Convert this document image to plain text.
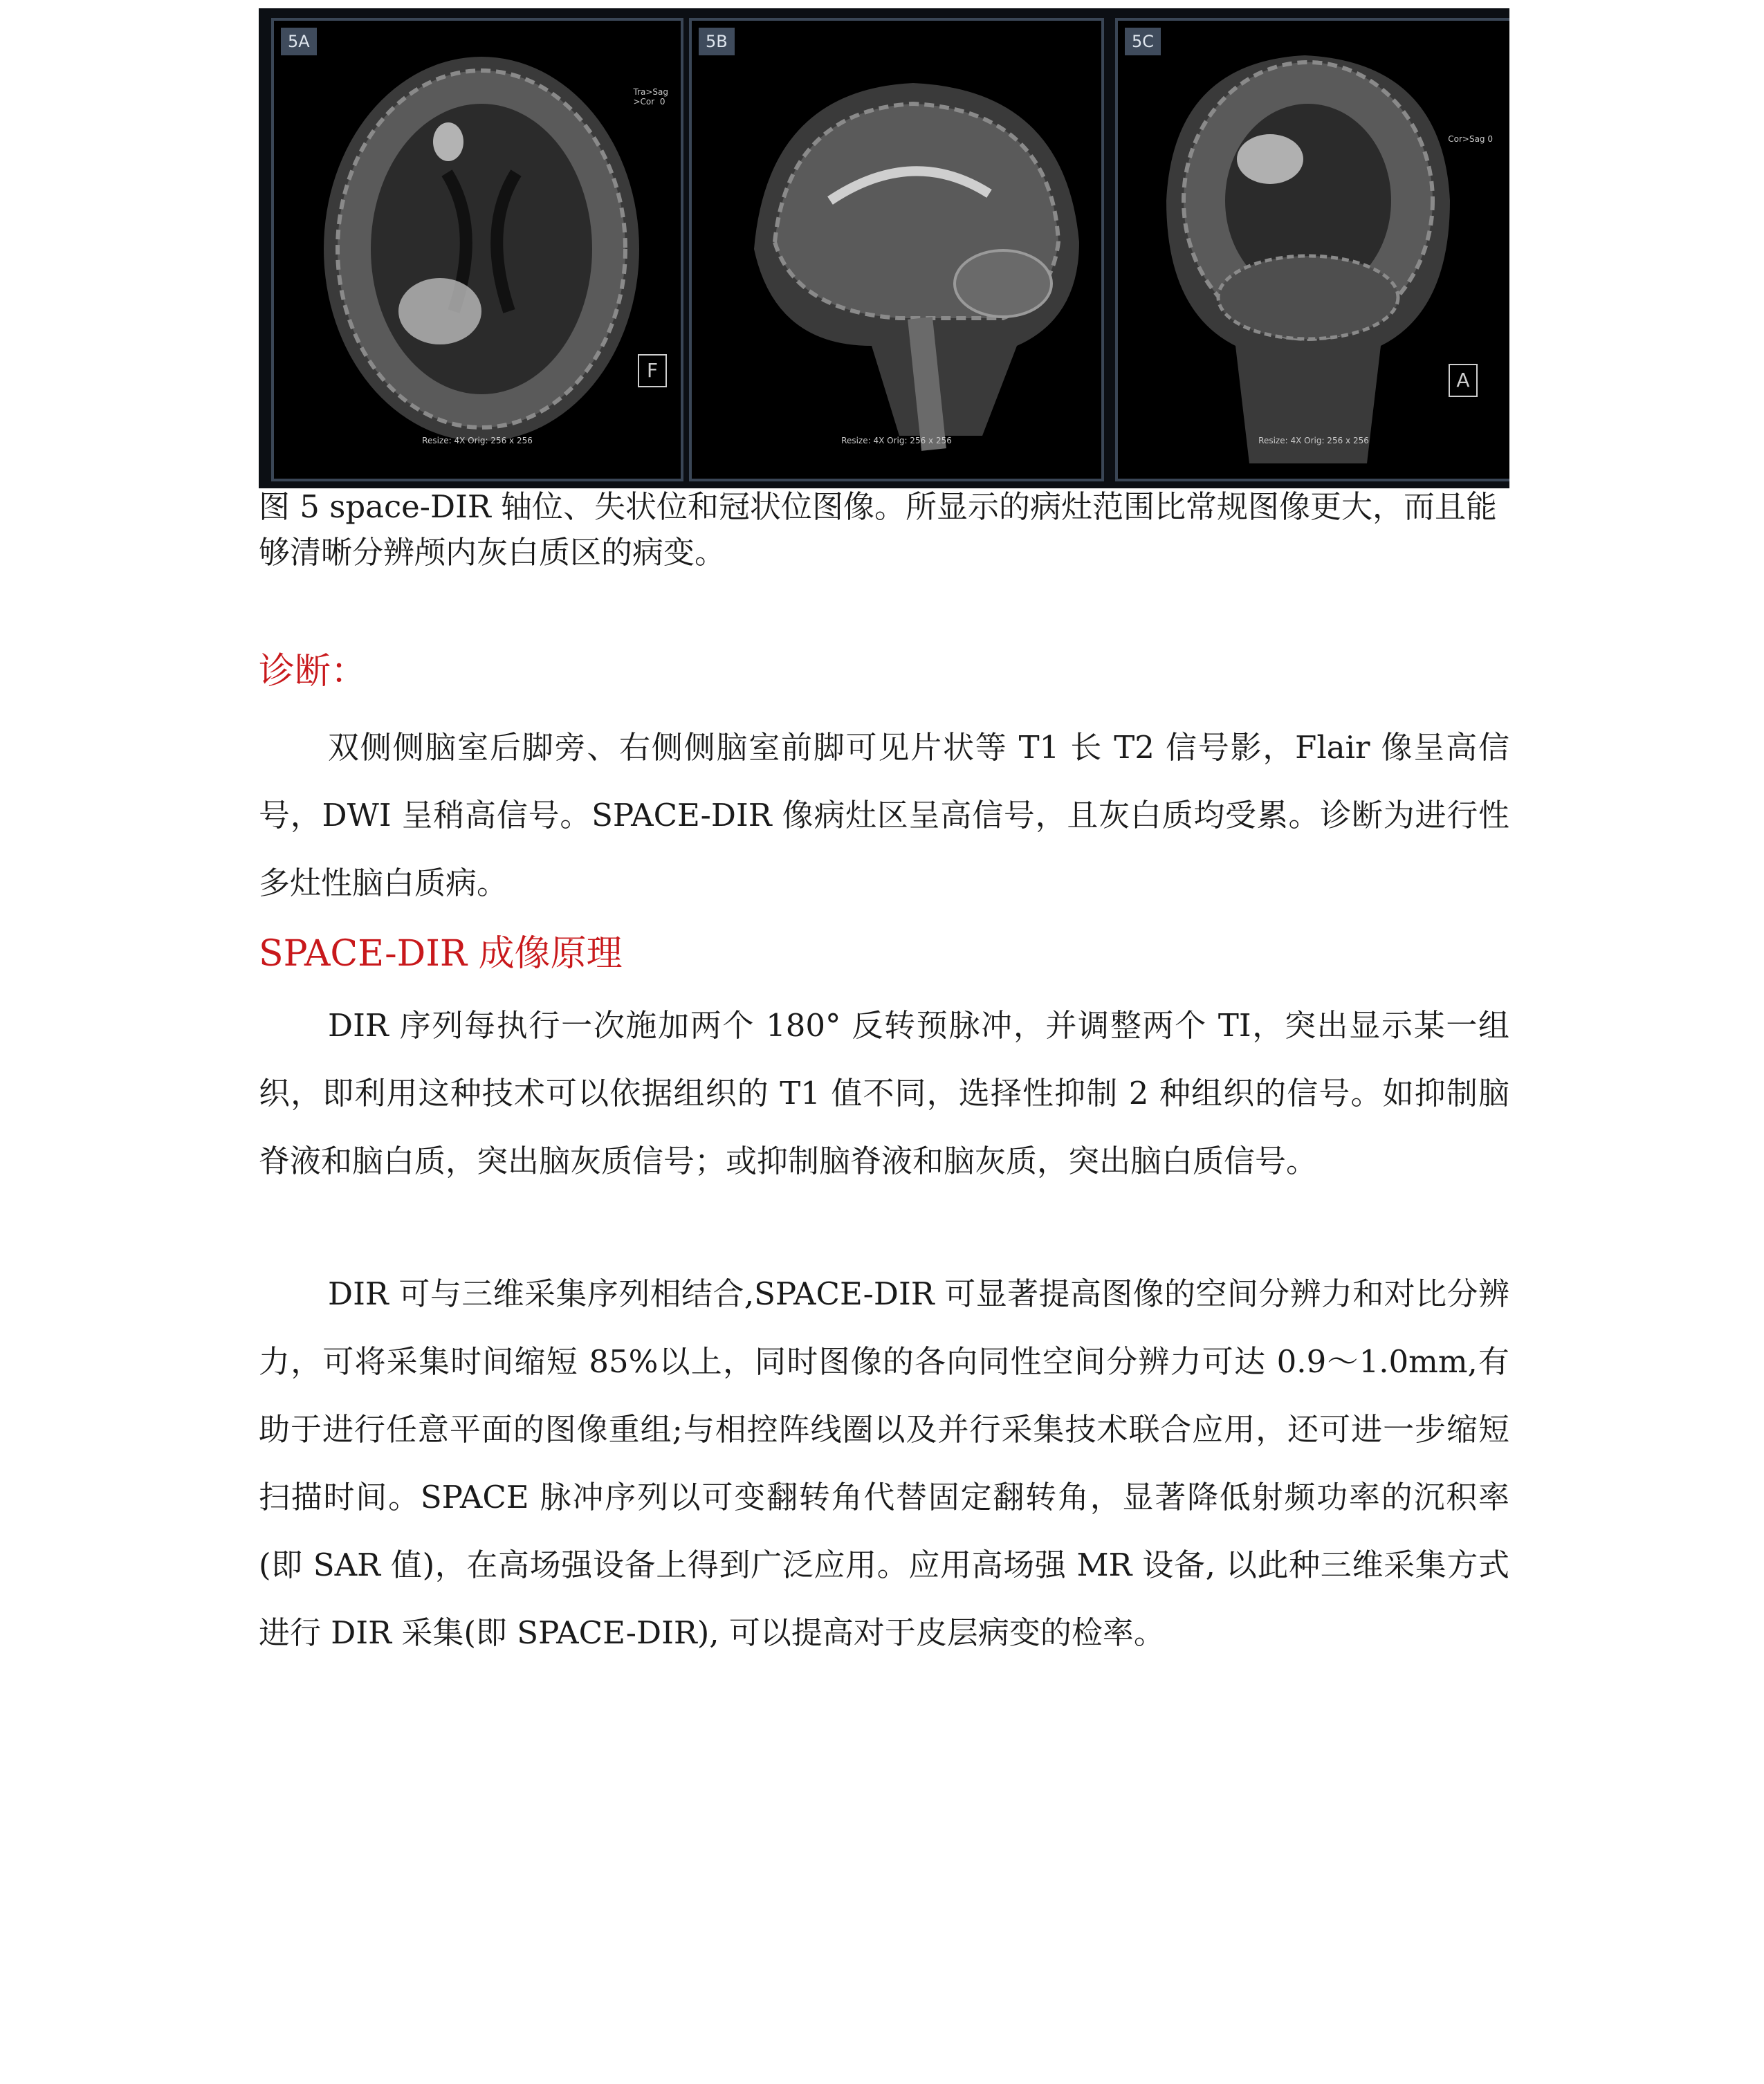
5A
Tra>Sag
>Cor  0
F
Resize: 4X Orig: 256 x 256
5B
Resize: 4X Orig: 256 x 256
5C
Cor>Sag 0
A
Resize: 4X Orig: 256 x 256
图 5 space-DIR 轴位、失状位和冠状位图像。所显示的病灶范围比常规图像更大，而且能够清晰分辨颅内灰白质区的病变。
诊断：
双侧侧脑室后脚旁、右侧侧脑室前脚可见片状等 T1 长 T2 信号影，Flair 像呈高信号，DWI 呈稍高信号。SPACE-DIR 像病灶区呈高信号，且灰白质均受累。诊断为进行性多灶性脑白质病。
SPACE-DIR 成像原理
DIR 序列每执行一次施加两个 180° 反转预脉冲，并调整两个 TI，突出显示某一组织，即利用这种技术可以依据组织的 T1 值不同，选择性抑制 2 种组织的信号。如抑制脑脊液和脑白质，突出脑灰质信号；或抑制脑脊液和脑灰质，突出脑白质信号。
DIR 可与三维采集序列相结合,SPACE-DIR 可显著提高图像的空间分辨力和对比分辨力，可将采集时间缩短 85%以上，同时图像的各向同性空间分辨力可达 0.9～1.0mm,有助于进行任意平面的图像重组;与相控阵线圈以及并行采集技术联合应用，还可进一步缩短扫描时间。SPACE 脉冲序列以可变翻转角代替固定翻转角，显著降低射频功率的沉积率(即 SAR 值)，在高场强设备上得到广泛应用。应用高场强 MR 设备, 以此种三维采集方式进行 DIR 采集(即 SPACE-DIR), 可以提高对于皮层病变的检率。
